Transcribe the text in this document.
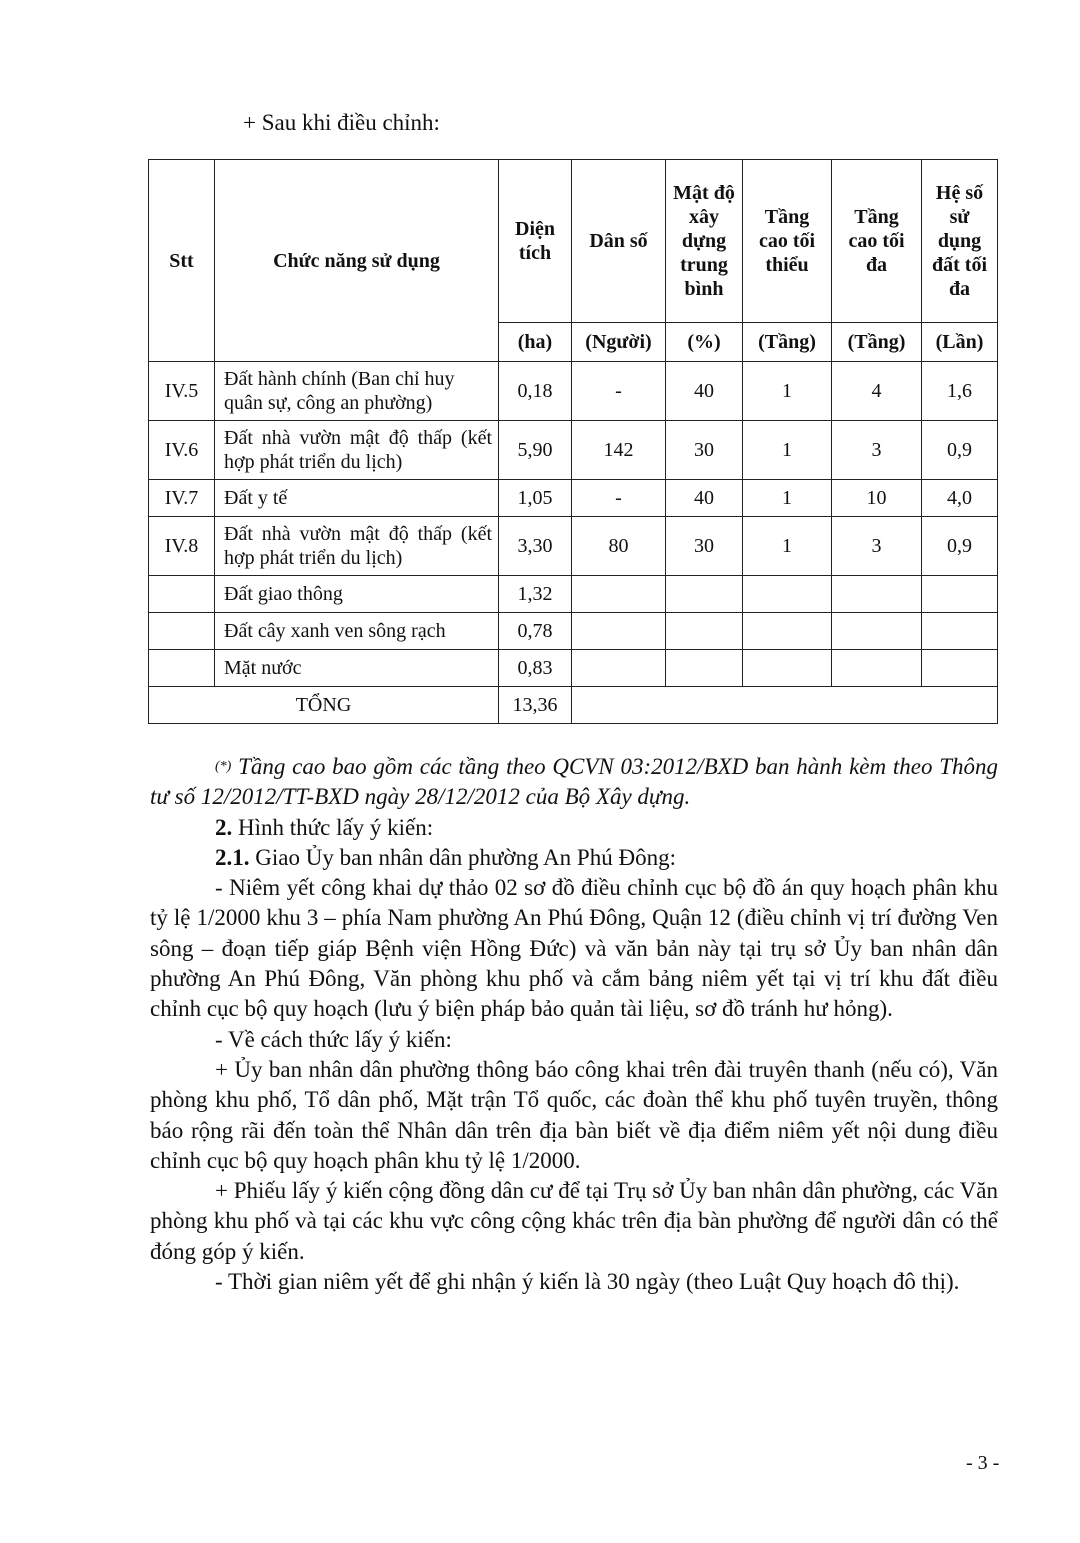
+ Sau khi điều chỉnh:
Stt	Chức năng sử dụng	Diện tích	Dân số	Mật độ xây dựng trung bình	Tầng cao tối thiểu	Tầng cao tối đa	Hệ số sử dụng đất tối đa
		(ha)	(Người)	(%)	(Tầng)	(Tầng)	(Lần)
IV.5	Đất hành chính (Ban chỉ huy quân sự, công an phường)	0,18	-	40	1	4	1,6
IV.6	Đất nhà vườn mật độ thấp (kết hợp phát triển du lịch)	5,90	142	30	1	3	0,9
IV.7	Đất y tế	1,05	-	40	1	10	4,0
IV.8	Đất nhà vườn mật độ thấp (kết hợp phát triển du lịch)	3,30	80	30	1	3	0,9
	Đất giao thông	1,32					
	Đất cây xanh ven sông rạch	0,78					
	Mặt nước	0,83					
TỔNG		13,36					

(*) Tầng cao bao gồm các tầng theo QCVN 03:2012/BXD ban hành kèm theo Thông tư số 12/2012/TT-BXD ngày 28/12/2012 của Bộ Xây dựng.

2. Hình thức lấy ý kiến:

2.1. Giao Ủy ban nhân dân phường An Phú Đông:

- Niêm yết công khai dự thảo 02 sơ đồ điều chỉnh cục bộ đồ án quy hoạch phân khu tỷ lệ 1/2000 khu 3 – phía Nam phường An Phú Đông, Quận 12 (điều chỉnh vị trí đường Ven sông – đoạn tiếp giáp Bệnh viện Hồng Đức) và văn bản này tại trụ sở Ủy ban nhân dân phường An Phú Đông, Văn phòng khu phố và cắm bảng niêm yết tại vị trí khu đất điều chỉnh cục bộ quy hoạch (lưu ý biện pháp bảo quản tài liệu, sơ đồ tránh hư hỏng).

- Về cách thức lấy ý kiến:

+ Ủy ban nhân dân phường thông báo công khai trên đài truyên thanh (nếu có), Văn phòng khu phố, Tổ dân phố, Mặt trận Tổ quốc, các đoàn thể khu phố tuyên truyền, thông báo rộng rãi đến toàn thể Nhân dân trên địa bàn biết về địa điểm niêm yết nội dung điều chỉnh cục bộ quy hoạch phân khu tỷ lệ 1/2000.

+ Phiếu lấy ý kiến cộng đồng dân cư để tại Trụ sở Ủy ban nhân dân phường, các Văn phòng khu phố và tại các khu vực công cộng khác trên địa bàn phường để người dân có thể đóng góp ý kiến.

- Thời gian niêm yết để ghi nhận ý kiến là 30 ngày (theo Luật Quy hoạch đô thị).

- 3 -
